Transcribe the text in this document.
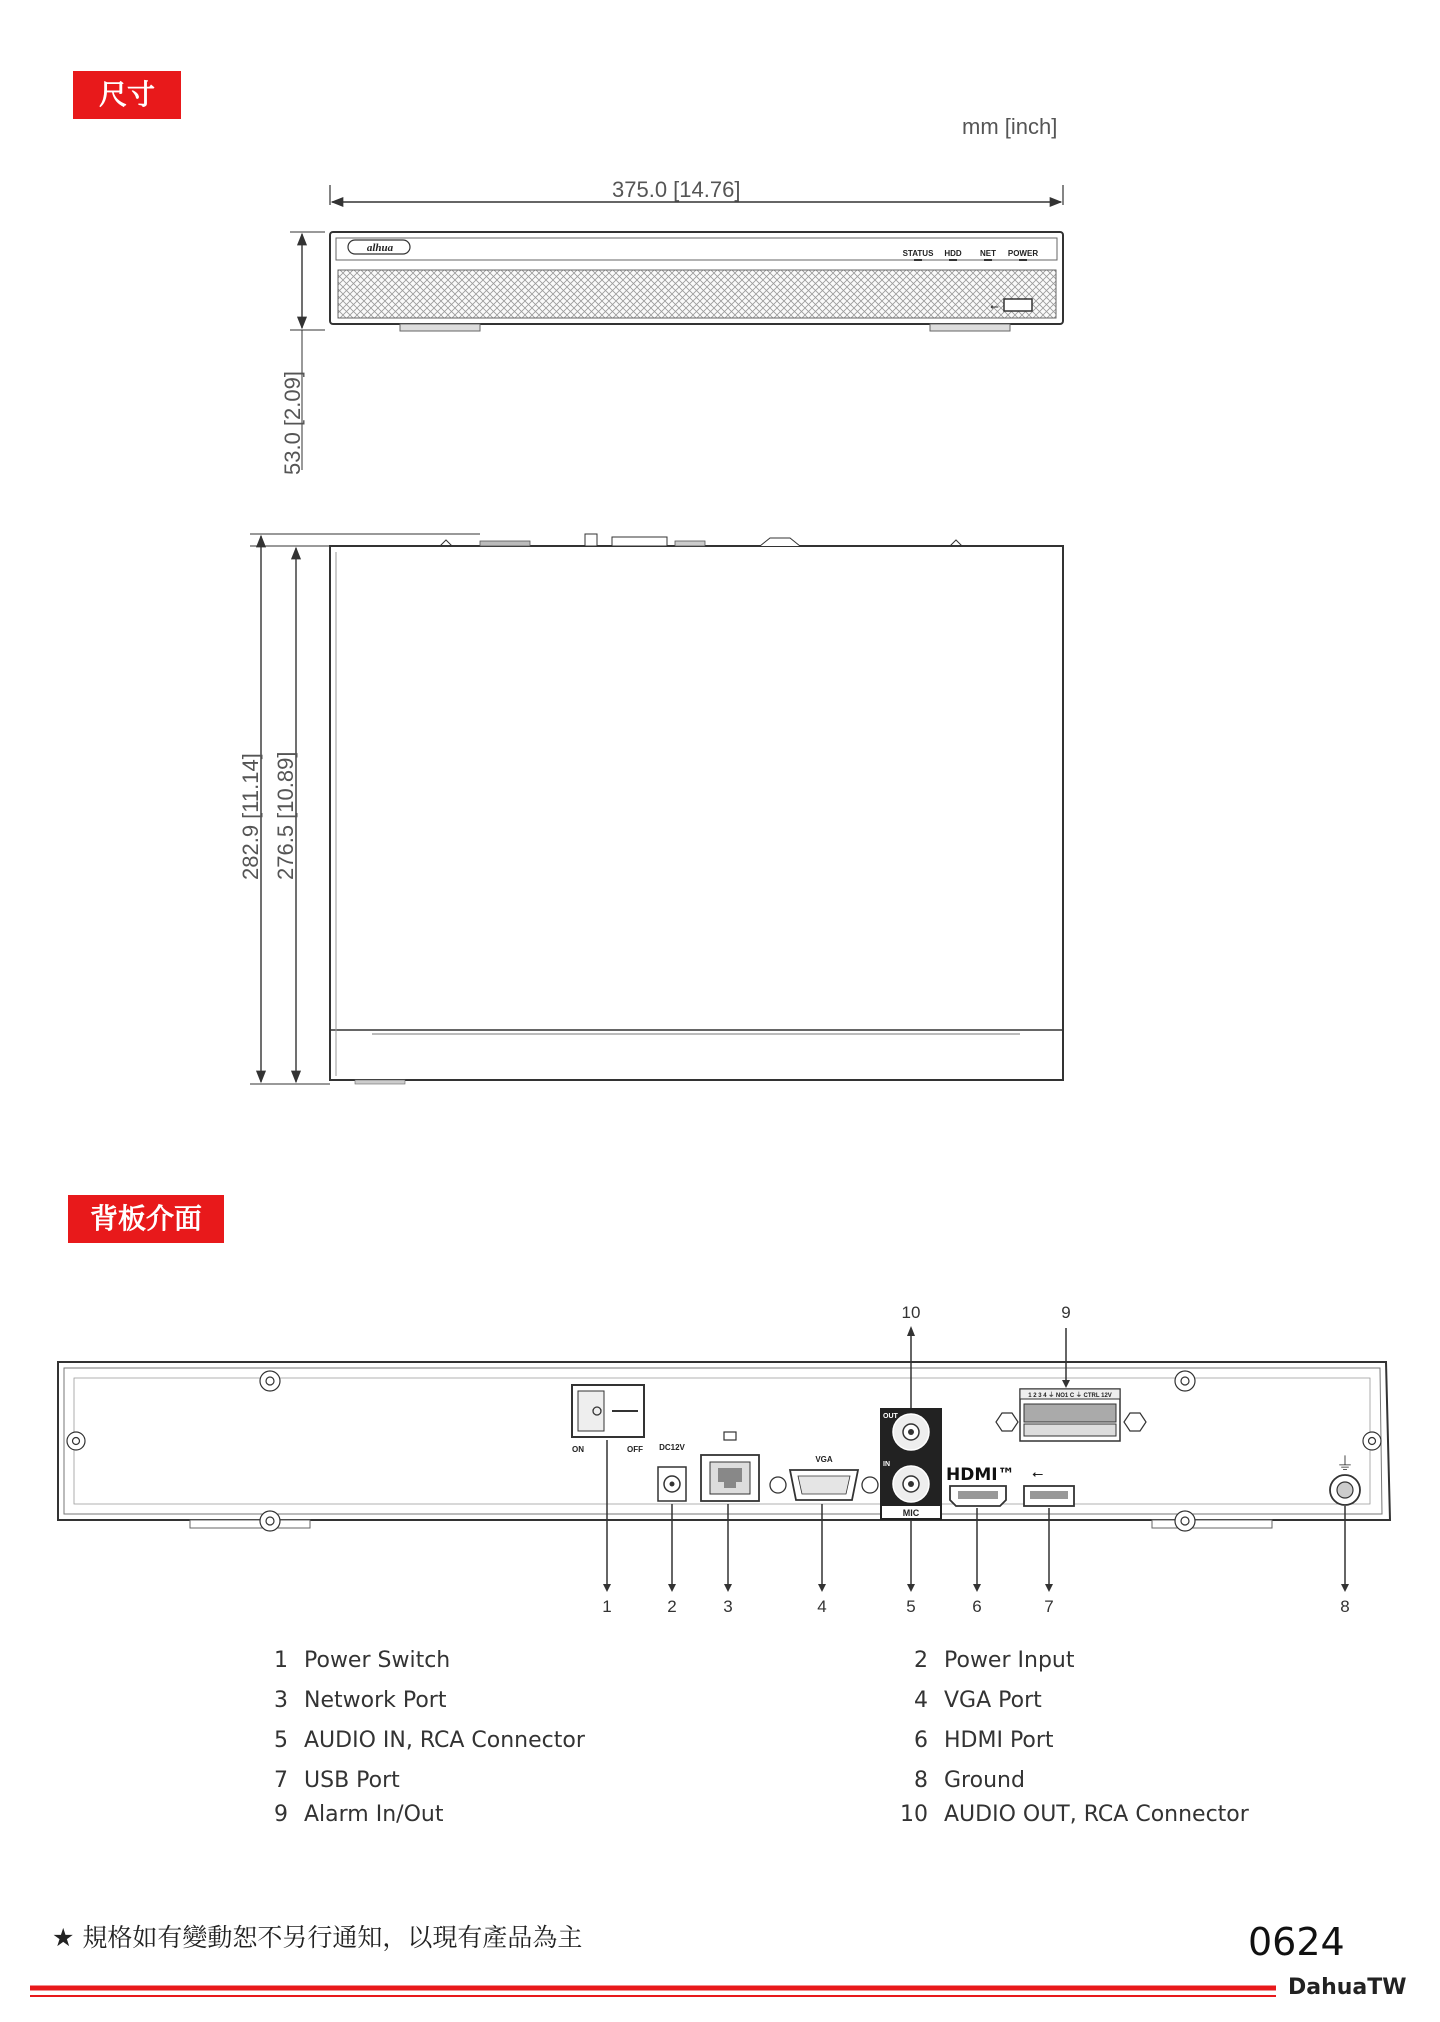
尺寸
背板介面
mm [inch]
375.0 [14.76]
alhua	STATUS HDD NET POWER
⭠
53.0 [2.09]
282.9 [11.14] 276.5 [10.89]
ON	OFF DC12V
VGA
OUT
IN
MIC
HDMI™ ⭠
1 2 3 4 ⏚ NO1 C ⏚ CTRL 12V
⏚
1	2	3	4	5	6	7	8
9
10
1 Power Switch	2 Power Input
3 Network Port	4 VGA Port
5 AUDIO IN, RCA Connector	6 HDMI Port
7 USB Port	8 Ground
9 Alarm In/Out	10 AUDIO OUT, RCA Connector
★ 規格如有變動恕不另行通知，以現有產品為主	0624
DahuaTW
